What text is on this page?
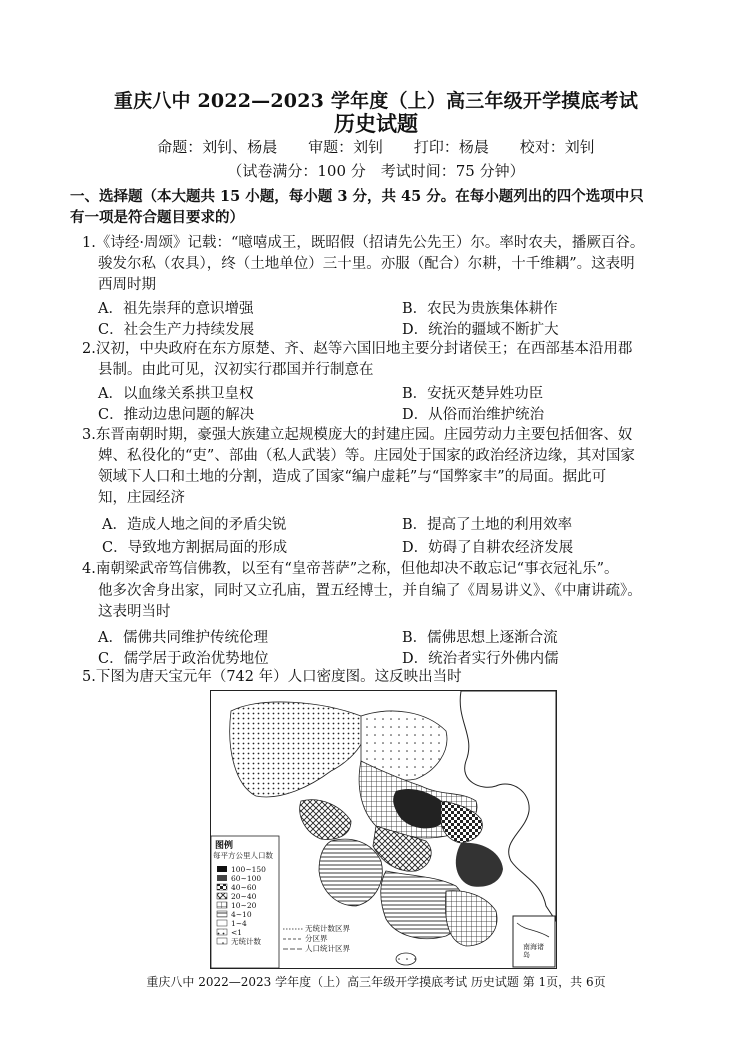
重庆八中 2022—2023 学年度（上）高三年级开学摸底考试
历史试题
命题：刘钊、杨晨 审题：刘钊 打印：杨晨 校对：刘钊
（试卷满分：100 分　考试时间：75 分钟）
一、选择题（本大题共 15 小题，每小题 3 分，共 45 分。在每小题列出的四个选项中只
有一项是符合题目要求的）
1.《诗经·周颂》记载：“噫嘻成王，既昭假（招请先公先王）尔。率时农夫，播厥百谷。
骏发尔私（农具），终（土地单位）三十里。亦服（配合）尔耕，十千维耦”。这表明
西周时期
A．祖先崇拜的意识增强	B．农民为贵族集体耕作
C．社会生产力持续发展	D．统治的疆域不断扩大
2.汉初，中央政府在东方原楚、齐、赵等六国旧地主要分封诸侯王；在西部基本沿用郡
县制。由此可见，汉初实行郡国并行制意在
A．以血缘关系拱卫皇权	B．安抚灭楚异姓功臣
C．推动边患问题的解决	D．从俗而治维护统治
3.东晋南朝时期，豪强大族建立起规模庞大的封建庄园。庄园劳动力主要包括佃客、奴
婢、私役化的“吏”、部曲（私人武装）等。庄园处于国家的政治经济边缘，其对国家
领域下人口和土地的分割，造成了国家“编户虚耗”与“国弊家丰”的局面。据此可
知，庄园经济
A．造成人地之间的矛盾尖锐	B．提高了土地的利用效率
C．导致地方割据局面的形成	D．妨碍了自耕农经济发展
4.南朝梁武帝笃信佛教，以至有“皇帝菩萨”之称，但他却决不敢忘记“事衣冠礼乐”。
他多次舍身出家，同时又立孔庙，置五经博士，并自编了《周易讲义》、《中庸讲疏》。
这表明当时
A．儒佛共同维护传统伦理	B．儒佛思想上逐渐合流
C．儒学居于政治优势地位	D．统治者实行外佛内儒
5.下图为唐天宝元年（742 年）人口密度图。这反映出当时
图例
每平方公里人口数
100~150
60~100
40~60
20~40
10~20
4~10
1~4
<1
无统计数
无统计数区界
分区界
人口统计区界	南海诸岛
重庆八中 2022—2023 学年度（上）高三年级开学摸底考试 历史试题 第 1页，共 6页
